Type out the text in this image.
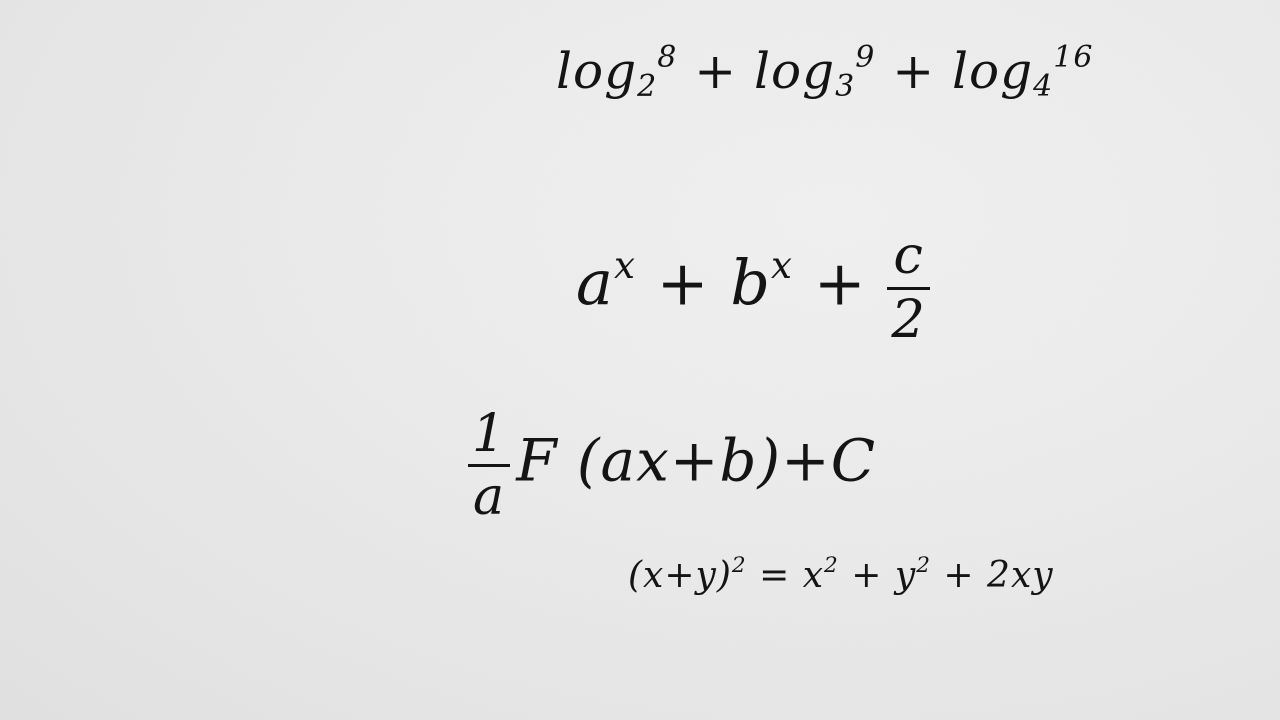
$\log_2^8 + \log_3^9 + \log_4^{16}$
$a^x + b^x + \frac{c}{2}$
$\frac{1}{a}$ F (ax+b)+C
$(x+y)^2 = x^2 + y^2 + 2xy$
